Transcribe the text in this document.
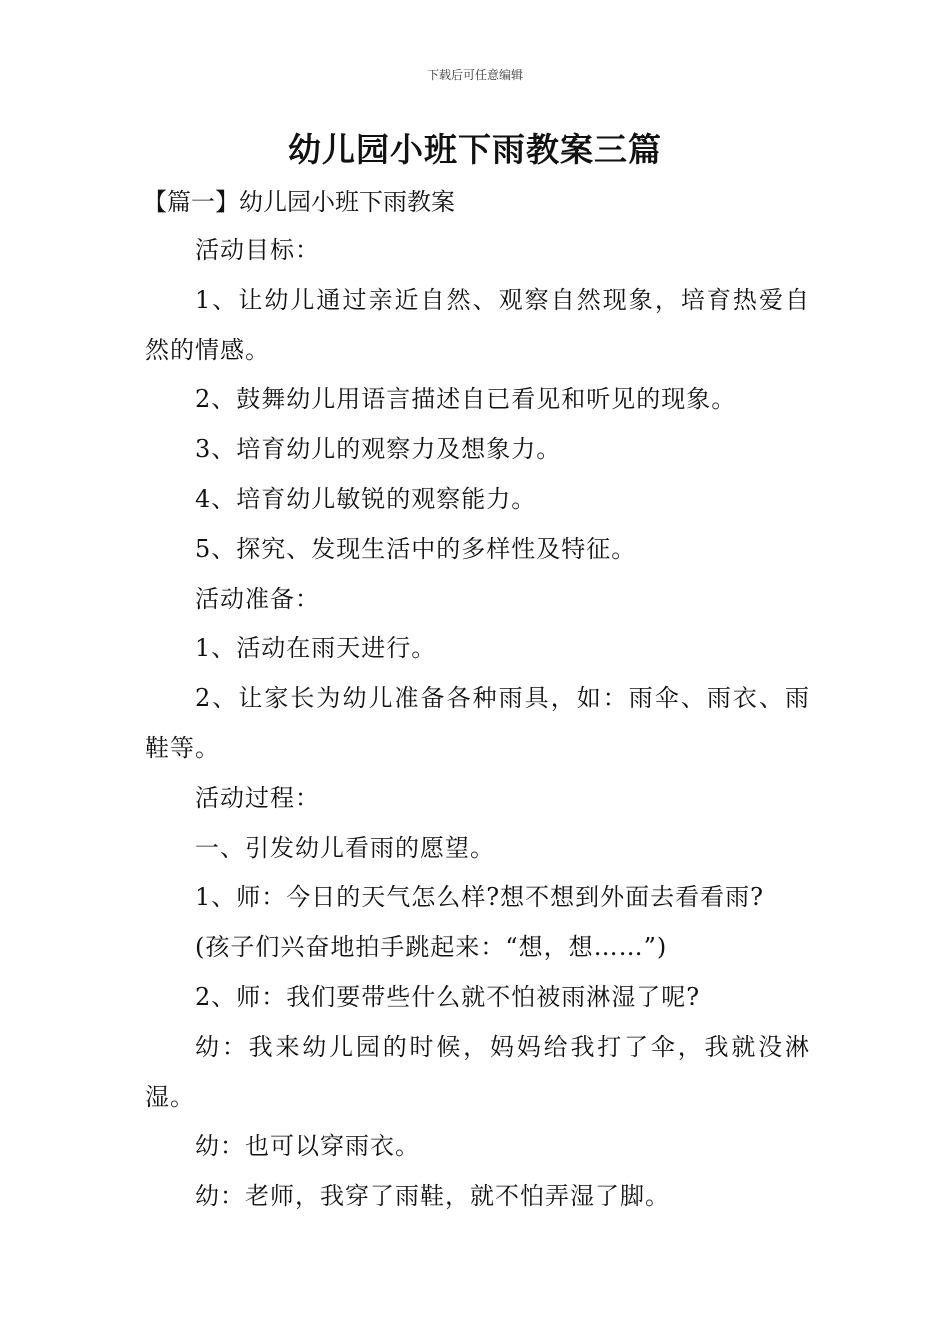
下载后可任意编辑
幼儿园小班下雨教案三篇
【篇一】幼儿园小班下雨教案

活动目标：

1、让幼儿通过亲近自然、观察自然现象，培育热爱自然的情感。

2、鼓舞幼儿用语言描述自已看见和听见的现象。

3、培育幼儿的观察力及想象力。

4、培育幼儿敏锐的观察能力。

5、探究、发现生活中的多样性及特征。

活动准备：

1、活动在雨天进行。

2、让家长为幼儿准备各种雨具，如：雨伞、雨衣、雨鞋等。

活动过程：

一、引发幼儿看雨的愿望。

1、师：今日的天气怎么样?想不想到外面去看看雨?

(孩子们兴奋地拍手跳起来：“想，想……”)

2、师：我们要带些什么就不怕被雨淋湿了呢?

幼：我来幼儿园的时候，妈妈给我打了伞，我就没淋湿。

幼：也可以穿雨衣。

幼：老师，我穿了雨鞋，就不怕弄湿了脚。
